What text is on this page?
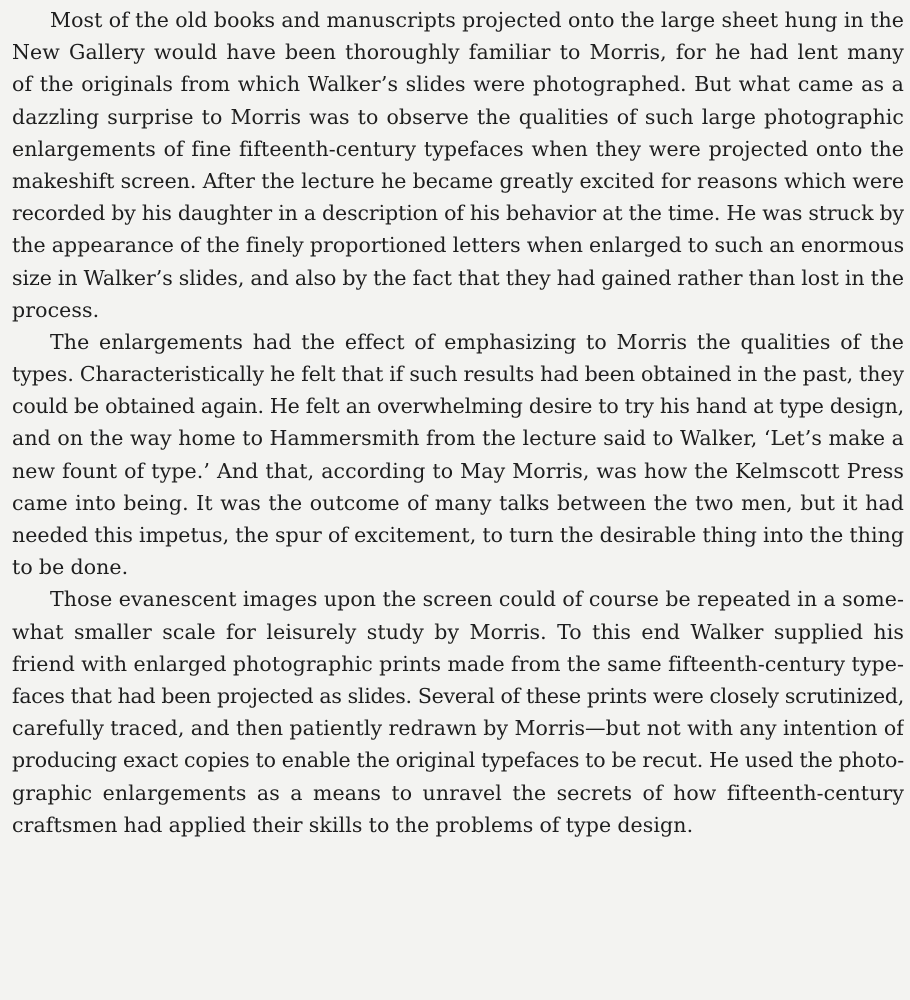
Most of the old books and manuscripts projected onto the large sheet hung in the
New Gallery would have been thoroughly familiar to Morris, for he had lent many
of the originals from which Walker’s slides were photographed. But what came as a
dazzling surprise to Morris was to observe the qualities of such large photographic
enlargements of fine fifteenth-century typefaces when they were projected onto the
makeshift screen. After the lecture he became greatly excited for reasons which were
recorded by his daughter in a description of his behavior at the time. He was struck by
the appearance of the finely proportioned letters when enlarged to such an enormous
size in Walker’s slides, and also by the fact that they had gained rather than lost in the
process.
The enlargements had the effect of emphasizing to Morris the qualities of the
types. Characteristically he felt that if such results had been obtained in the past, they
could be obtained again. He felt an overwhelming desire to try his hand at type design,
and on the way home to Hammersmith from the lecture said to Walker, ‘Let’s make a
new fount of type.’ And that, according to May Morris, was how the Kelmscott Press
came into being. It was the outcome of many talks between the two men, but it had
needed this impetus, the spur of excitement, to turn the desirable thing into the thing
to be done.
Those evanescent images upon the screen could of course be repeated in a some-
what smaller scale for leisurely study by Morris. To this end Walker supplied his
friend with enlarged photographic prints made from the same fifteenth-century type-
faces that had been projected as slides. Several of these prints were closely scrutinized,
carefully traced, and then patiently redrawn by Morris—but not with any intention of
producing exact copies to enable the original typefaces to be recut. He used the photo-
graphic enlargements as a means to unravel the secrets of how fifteenth-century
craftsmen had applied their skills to the problems of type design.
